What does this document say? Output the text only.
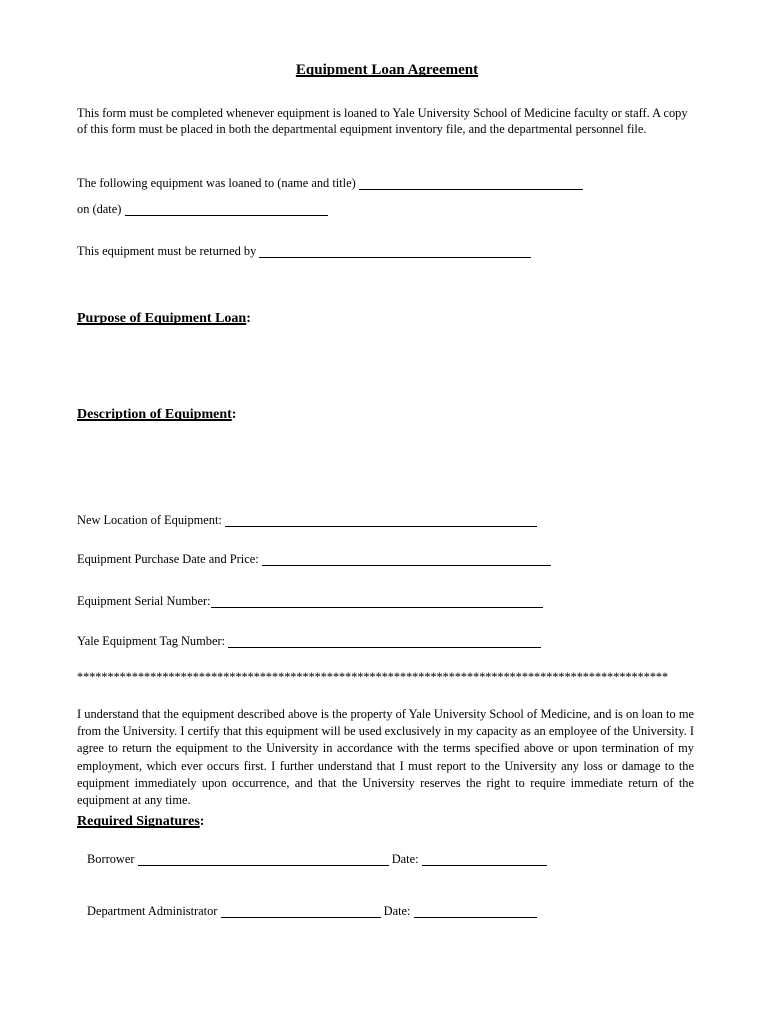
Equipment Loan Agreement

This form must be completed whenever equipment is loaned to Yale University School of Medicine faculty or staff. A copy of this form must be placed in both the departmental equipment inventory file, and the departmental personnel file.

The following equipment was loaned to (name and title)
on (date)
This equipment must be returned by
Purpose of Equipment Loan:
Description of Equipment:
New Location of Equipment:
Equipment Purchase Date and Price:
Equipment Serial Number:
Yale Equipment Tag Number:
*************************************************************************************************

I understand that the equipment described above is the property of Yale University School of Medicine, and is on loan to me from the University. I certify that this equipment will be used exclusively in my capacity as an employee of the University. I agree to return the equipment to the University in accordance with the terms specified above or upon termination of my employment, which ever occurs first. I further understand that I must report to the University any loss or damage to the equipment immediately upon occurrence, and that the University reserves the right to require immediate return of the equipment at any time.

Required Signatures:
Borrower	Date:
Department Administrator	Date:
